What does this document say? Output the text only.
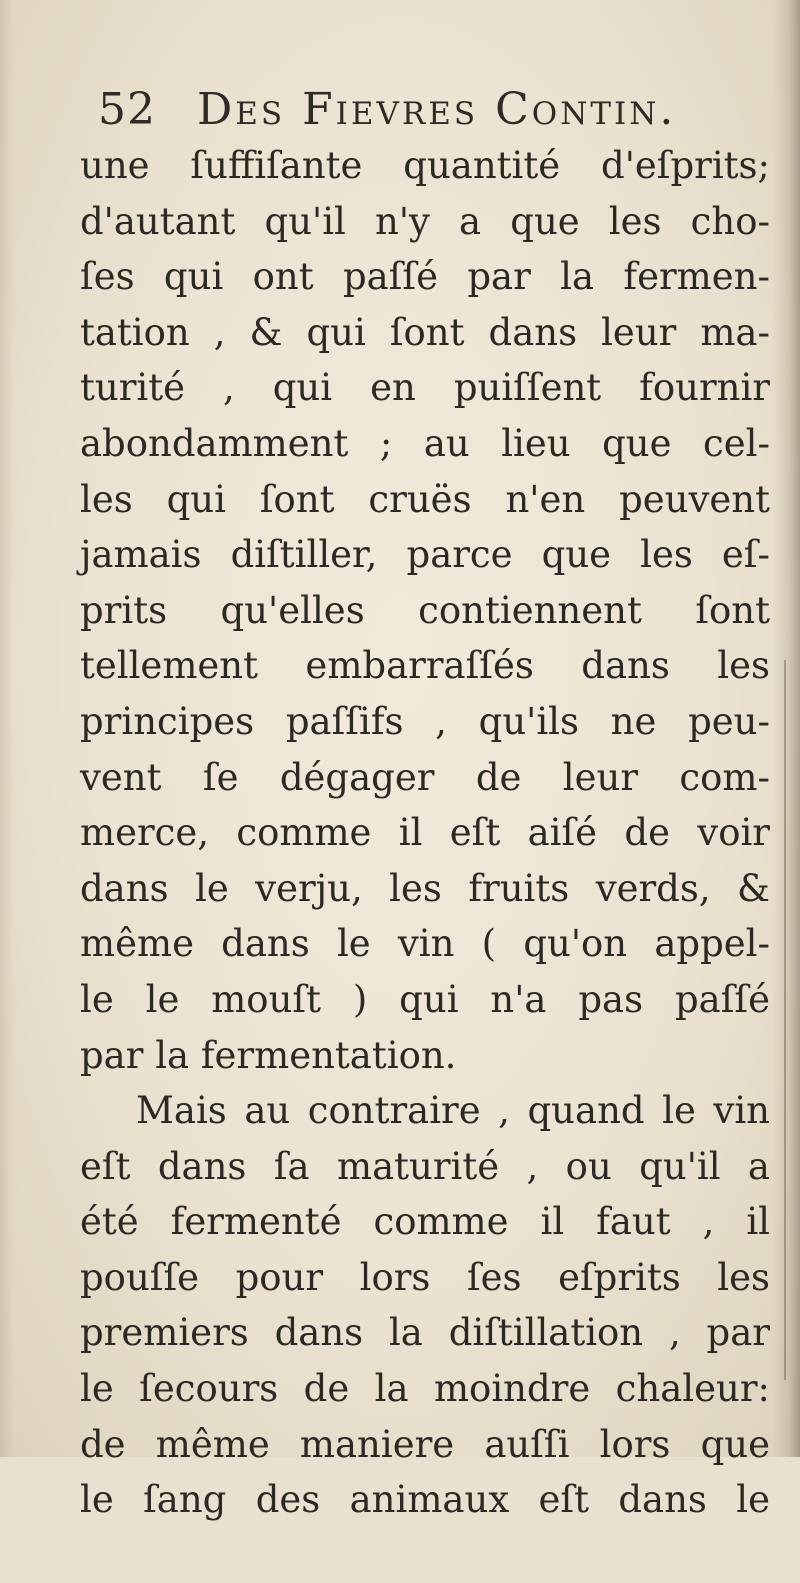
52 Des Fievres Contin.
une ſuffiſante quantité d'eſprits;
d'autant qu'il n'y a que les cho-
ſes qui ont paſſé par la fermen-
tation , & qui ſont dans leur ma-
turité , qui en puiſſent fournir
abondamment ; au lieu que cel-
les qui ſont cruës n'en peuvent
jamais diſtiller, parce que les eſ-
prits qu'elles contiennent ſont
tellement embarraſſés dans les
principes paſſifs , qu'ils ne peu-
vent ſe dégager de leur com-
merce, comme il eſt aiſé de voir
dans le verju, les fruits verds, &
même dans le vin ( qu'on appel-
le le mouſt ) qui n'a pas paſſé
par la fermentation.
Mais au contraire , quand le vin
eſt dans ſa maturité , ou qu'il a
été fermenté comme il faut , il
pouſſe pour lors ſes eſprits les
premiers dans la diſtillation , par
le ſecours de la moindre chaleur:
de même maniere auſſi lors que
le ſang des animaux eſt dans le
